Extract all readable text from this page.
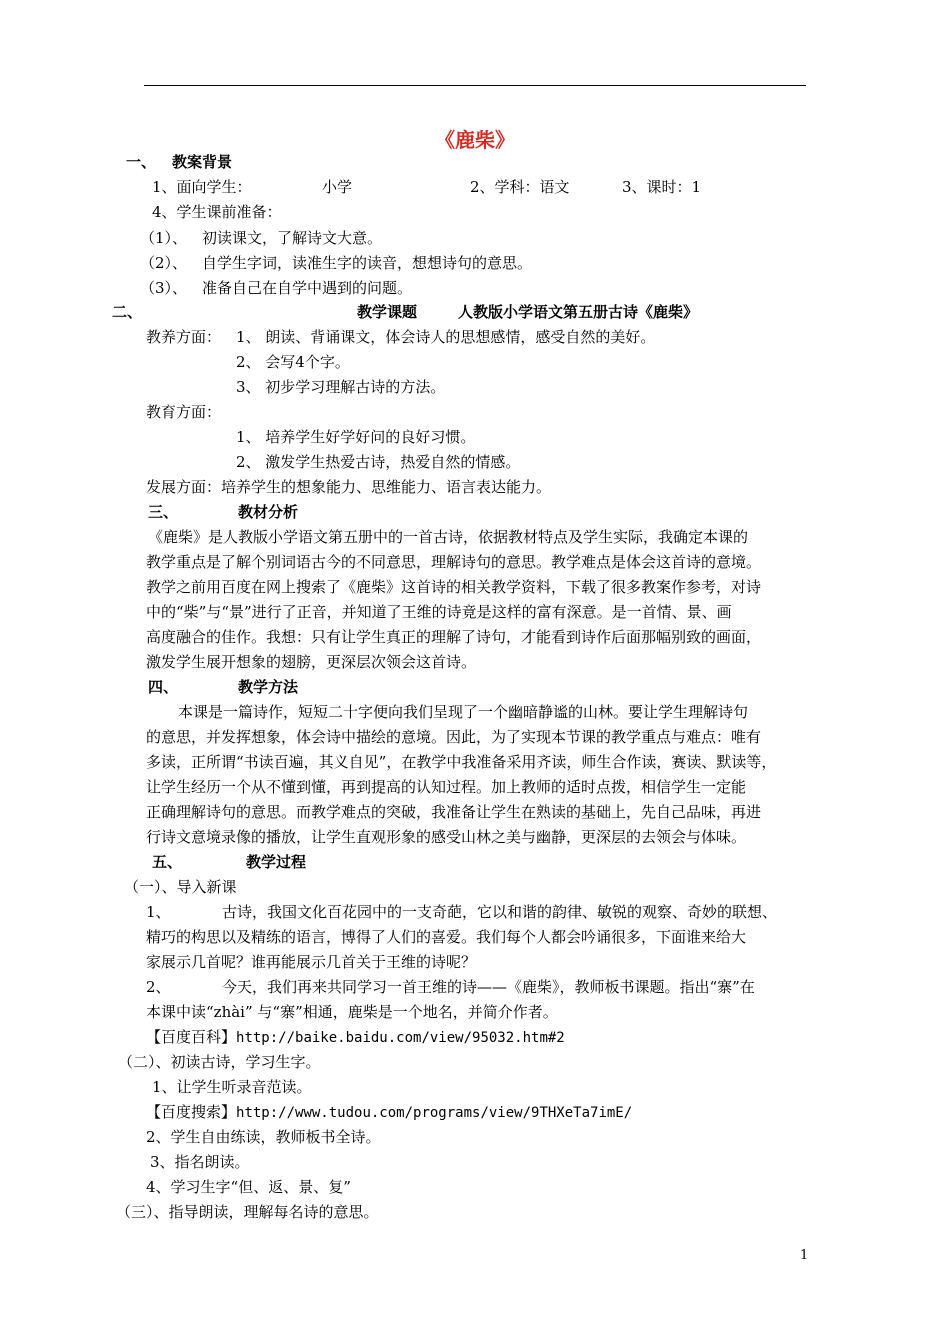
《鹿柴》
一、 教案背景
1、面向学生：	小学	2、学科：语文	3、课时：1
4、学生课前准备：
（1）、 初读课文，了解诗文大意。
（2）、 自学生字词，读准生字的读音，想想诗句的意思。
（3）、 准备自己在自学中遇到的问题。
二、	教学课题	人教版小学语文第五册古诗《鹿柴》
教养方面： 1、 朗读、背诵课文，体会诗人的思想感情，感受自然的美好。
2、 会写4个字。
3、 初步学习理解古诗的方法。
教育方面：
1、 培养学生好学好问的良好习惯。
2、 激发学生热爱古诗，热爱自然的情感。
发展方面：培养学生的想象能力、思维能力、语言表达能力。
三、	教材分析
《鹿柴》是人教版小学语文第五册中的一首古诗，依据教材特点及学生实际，我确定本课的
教学重点是了解个别词语古今的不同意思，理解诗句的意思。教学难点是体会这首诗的意境。
教学之前用百度在网上搜索了《鹿柴》这首诗的相关教学资料，下载了很多教案作参考，对诗
中的“柴”与“景”进行了正音，并知道了王维的诗竟是这样的富有深意。是一首情、景、画
高度融合的佳作。我想：只有让学生真正的理解了诗句，才能看到诗作后面那幅别致的画面，
激发学生展开想象的翅膀，更深层次领会这首诗。
四、	教学方法
本课是一篇诗作，短短二十字便向我们呈现了一个幽暗静谧的山林。要让学生理解诗句
的意思，并发挥想象，体会诗中描绘的意境。因此，为了实现本节课的教学重点与难点：唯有
多读，正所谓“书读百遍，其义自见”，在教学中我准备采用齐读，师生合作读，赛读、默读等，
让学生经历一个从不懂到懂，再到提高的认知过程。加上教师的适时点拨，相信学生一定能
正确理解诗句的意思。而教学难点的突破，我准备让学生在熟读的基础上，先自己品味，再进
行诗文意境录像的播放，让学生直观形象的感受山林之美与幽静，更深层的去领会与体味。
五、	教学过程
（一）、导入新课
1、	古诗，我国文化百花园中的一支奇葩，它以和谐的韵律、敏锐的观察、奇妙的联想、
精巧的构思以及精练的语言，博得了人们的喜爱。我们每个人都会吟诵很多，下面谁来给大
家展示几首呢？谁再能展示几首关于王维的诗呢？
2、	今天，我们再来共同学习一首王维的诗——《鹿柴》，教师板书课题。指出“寨”在
本课中读“zhài” 与“寨”相通，鹿柴是一个地名，并简介作者。
【百度百科】http://baike.baidu.com/view/95032.htm#2
（二）、初读古诗，学习生字。
1、让学生听录音范读。
【百度搜索】http://www.tudou.com/programs/view/9THXeTa7imE/
2、学生自由练读，教师板书全诗。
3、指名朗读。
4、学习生字“但、返、景、复”
（三）、指导朗读，理解每名诗的意思。
1
